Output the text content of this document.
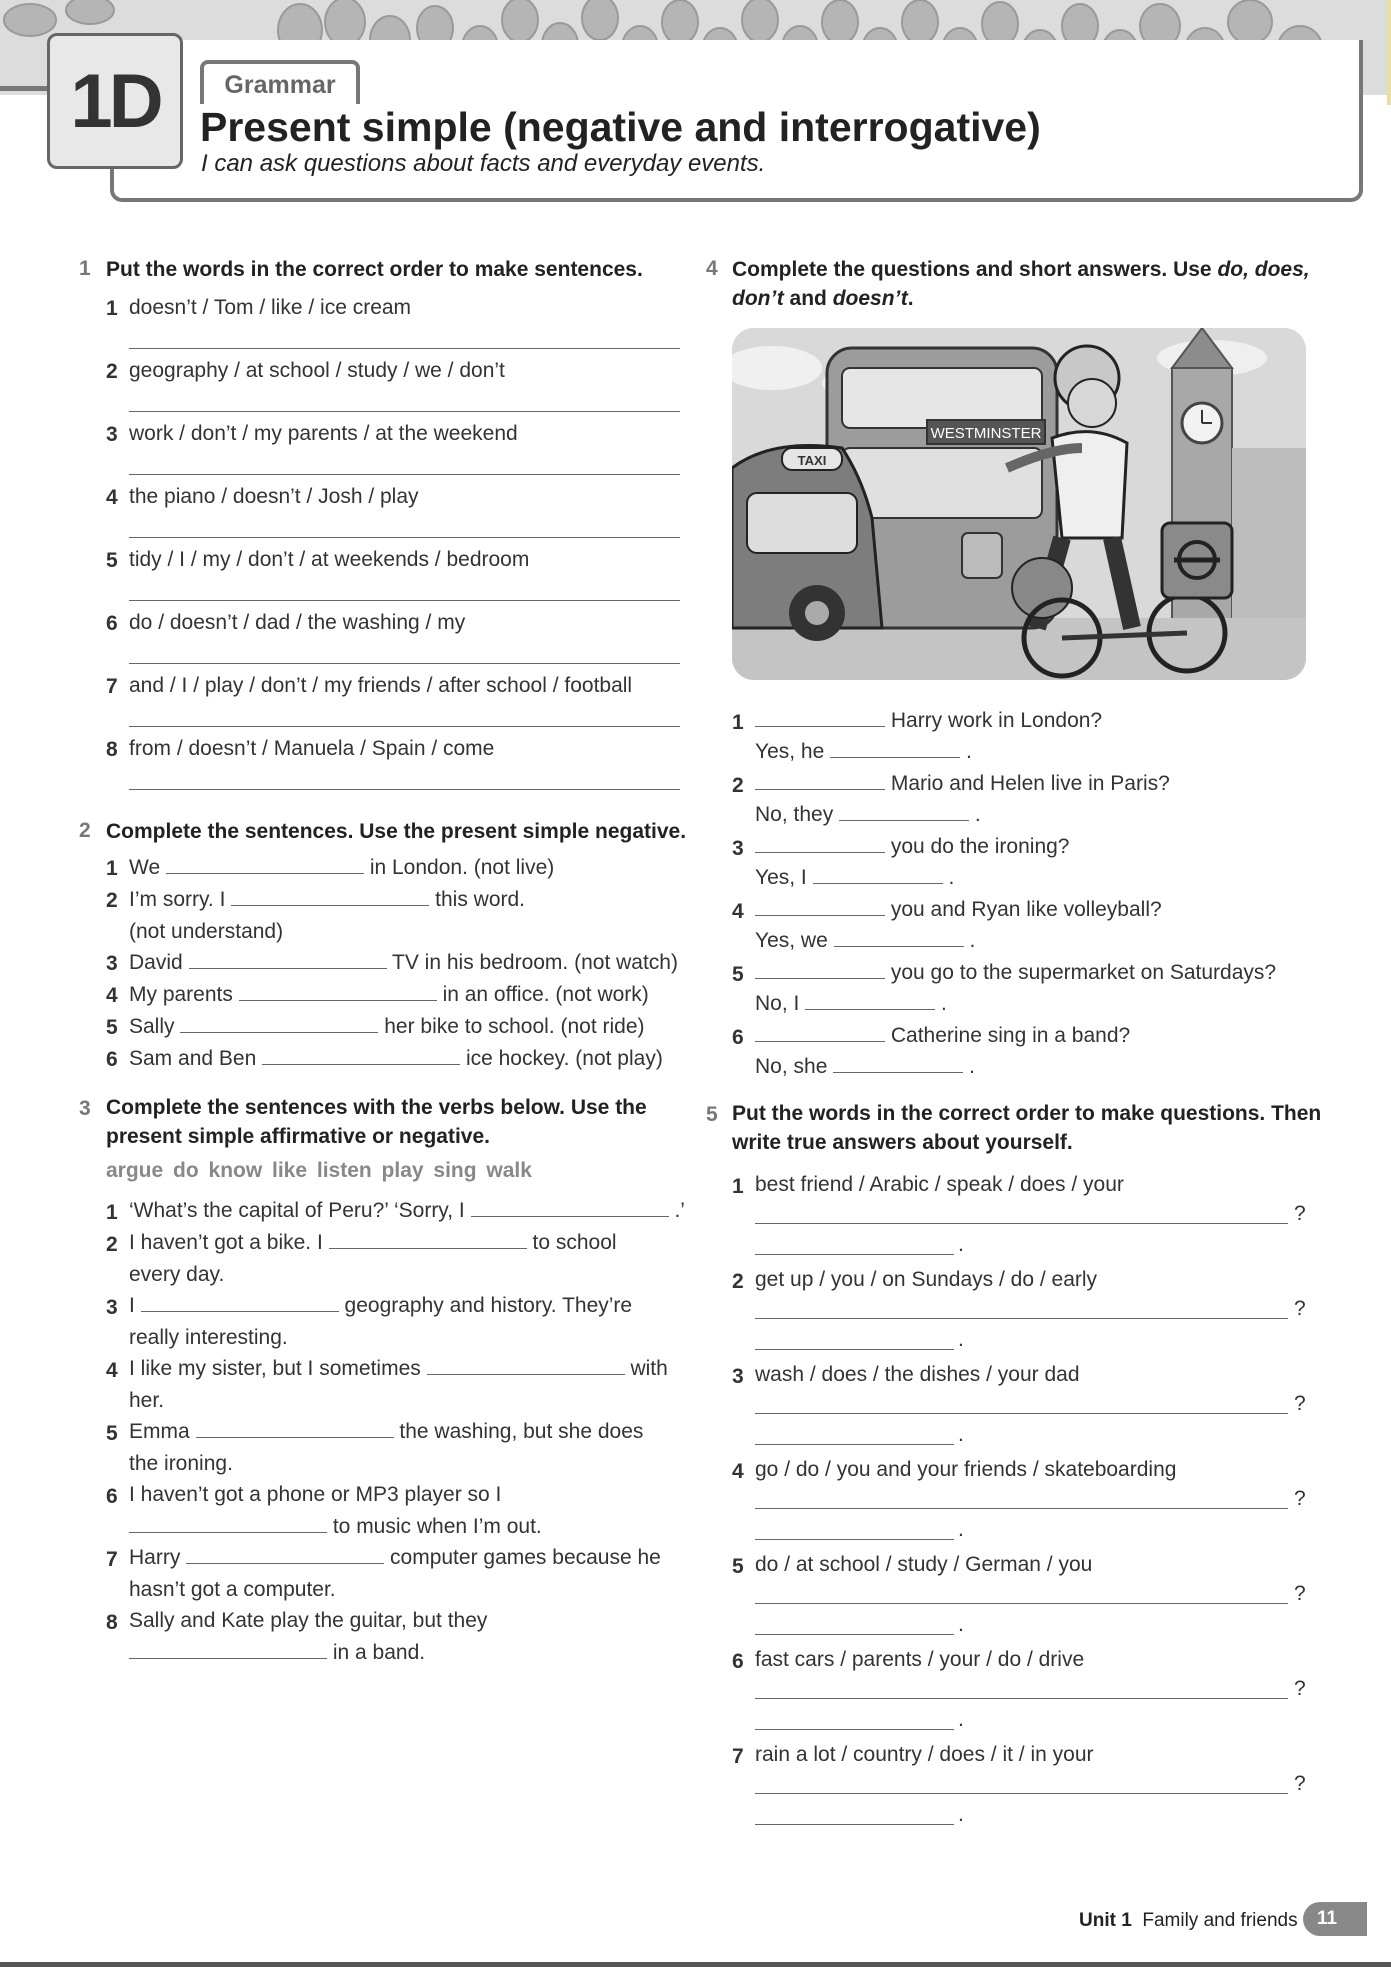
1D	Grammar
Present simple (negative and interrogative)
I can ask questions about facts and everyday events.
1 Put the words in the correct order to make sentences.
1 doesn’t / Tom / like / ice cream
2 geography / at school / study / we / don’t
3 work / don’t / my parents / at the weekend
4 the piano / doesn’t / Josh / play
5 tidy / I / my / don’t / at weekends / bedroom
6 do / doesn’t / dad / the washing / my
7 and / I / play / don’t / my friends / after school / football
8 from / doesn’t / Manuela / Spain / come
2 Complete the sentences. Use the present simple negative.
1 We	in London. (not live)
2 I’m sorry. I	this word.
(not understand)
3 David	TV in his bedroom. (not watch)
4 My parents	in an office. (not work)
5 Sally	her bike to school. (not ride)
6 Sam and Ben	ice hockey. (not play)
3 Complete the sentences with the verbs below. Use the
present simple affirmative or negative.
argue do know like listen play sing walk
1 ‘What’s the capital of Peru?’ ‘Sorry, I	.’
2 I haven’t got a bike. I	to school
every day.
3 I	geography and history. They’re
really interesting.
4 I like my sister, but I sometimes	with
her.
5 Emma	the washing, but she does
the ironing.
6 I haven’t got a phone or MP3 player so I
to music when I’m out.
7 Harry	computer games because he
hasn’t got a computer.
8 Sally and Kate play the guitar, but they
in a band.
4 Complete the questions and short answers. Use do, does,
don’t and doesn’t.
WESTMINSTER
TAXI
1	Harry work in London?
Yes, he	.
2	Mario and Helen live in Paris?
No, they	.
3	you do the ironing?
Yes, I	.
4	you and Ryan like volleyball?
Yes, we	.
5	you go to the supermarket on Saturdays?
No, I	.
6	Catherine sing in a band?
No, she	.
5 Put the words in the correct order to make questions. Then
write true answers about yourself.
1 best friend / Arabic / speak / does / your
?
.
2 get up / you / on Sundays / do / early
?
.
3 wash / does / the dishes / your dad
?
.
4 go / do / you and your friends / skateboarding
?
.
5 do / at school / study / German / you
?
.
6 fast cars / parents / your / do / drive
?
.
7 rain a lot / country / does / it / in your
?
.
Unit 1 Family and friends	11
